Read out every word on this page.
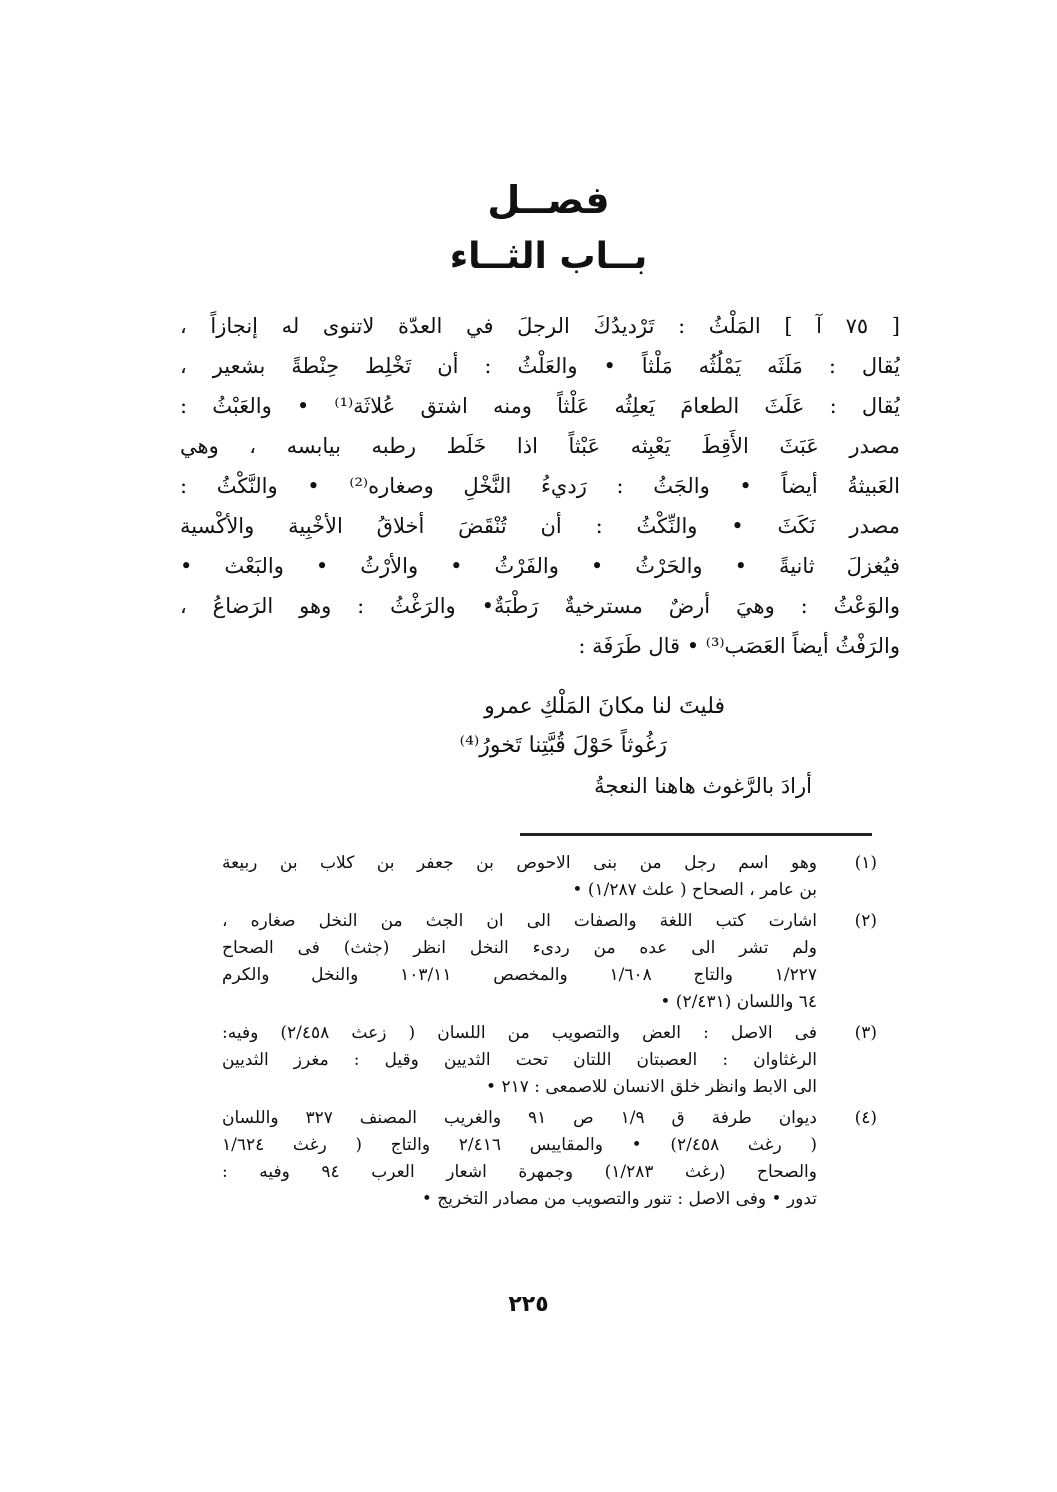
فصــل
بــاب الثــاء
[ ٧٥ آ ] المَلْثُ : تَرْديدُكَ الرجلَ في العدّة لاتنوى له إنجازاً ،
يُقال : مَلَثَه يَمْلُثُه مَلْثاً • والعَلْثُ : أن تَخْلِط حِنْطةً بشعير ،
يُقال : عَلَثَ الطعامَ يَعلِثُه عَلْثاً ومنه اشتق عُلاثَة⁽¹⁾ • والعَبْثُ :
مصدر عَبَثَ الأَقِطَ يَعْبِثه عَبْثاً اذا خَلَط رطبه بيابسه ، وهي
العَبيثةُ أيضاً • والجَثُ : رَديءُ النَّخْلِ وصغاره⁽²⁾ • والنَّكْثُ :
مصدر نَكَثَ • والنِّكْثُ : أن تُنْقَضَ أخلاقُ الأخْبِية والأكْسية
فيُغزلَ ثانيةً • والحَرْثُ • والفَرْثُ • والأرْثُ • والبَعْث •
والوَعْثُ : وهيَ أرضٌ مسترخيةٌ رَطْبَةٌ• والرَغْثُ : وهو الرَضاعُ ،
والرَفْثُ أيضاً العَصَب⁽³⁾ • قال طَرَفَة :
فليتَ لنا مكانَ المَلْكِ عمرو
رَغُوثاً حَوْلَ قُبَّتِنا تَخورُ⁽⁴⁾
أرادَ بالرَّغوث هاهنا النعجةُ
(١)
وهو اسم رجل من بنى الاحوص بن جعفر بن كلاب بن ربيعة
بن عامر ، الصحاح ( علث ١/٢٨٧) •
(٢)
اشارت كتب اللغة والصفات الى ان الجث من النخل صغاره ،
ولم تشر الى عده من ردىء النخل انظر (جثث) فى الصحاح
١/٢٢٧ والتاج ١/٦٠٨ والمخصص ١٠٣/١١ والنخل والكرم
٦٤ واللسان (٢/٤٣١) •
(٣)
فى الاصل : العض والتصويب من اللسان ( زعث ٢/٤٥٨) وفيه:
الرغثاوان : العصبتان اللتان تحت الثديين وقيل : مغرز الثديين
الى الابط وانظر خلق الانسان للاصمعى : ٢١٧ •
(٤)
ديوان طرفة ق ١/٩ ص ٩١ والغريب المصنف ٣٢٧ واللسان
( رغث ٢/٤٥٨) • والمقاييس ٢/٤١٦ والتاج ( رغث ١/٦٢٤
والصحاح (رغث ١/٢٨٣) وجمهرة اشعار العرب ٩٤ وفيه :
تدور • وفى الاصل : تنور والتصويب من مصادر التخريج •
٢٢٥
